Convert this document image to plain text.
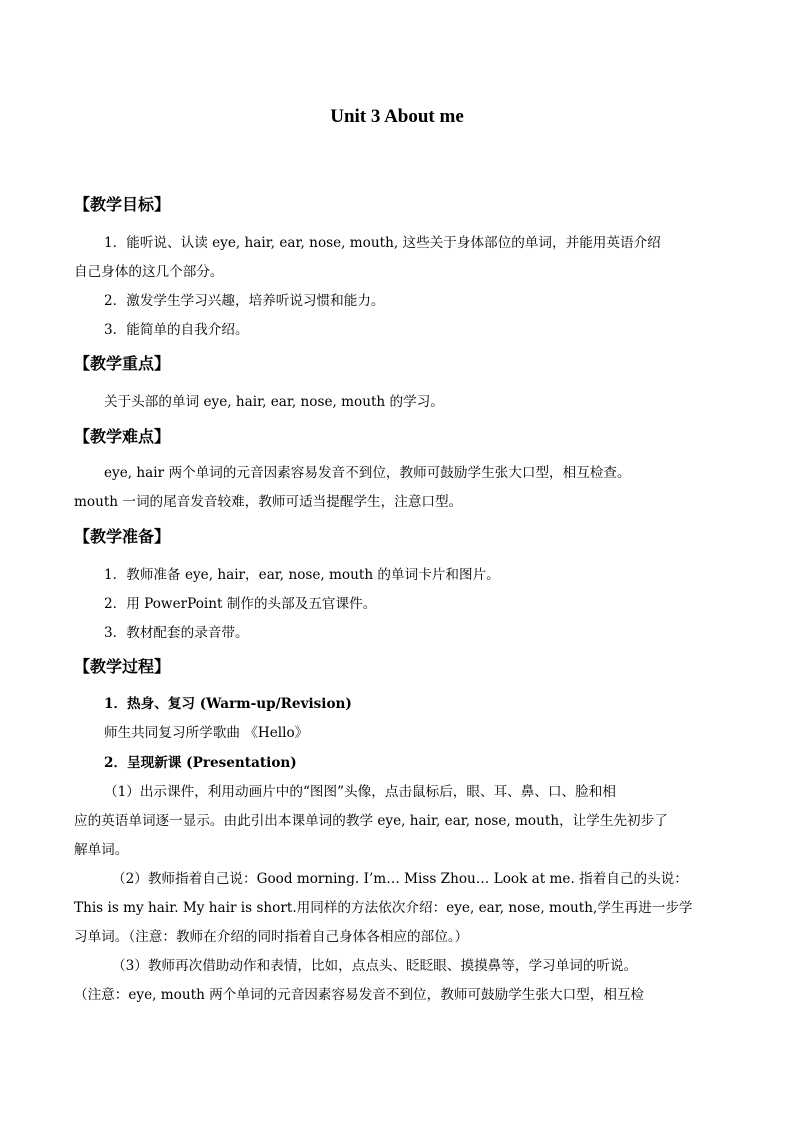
Unit 3 About me
【教学目标】
1．能听说、认读 eye, hair, ear, nose, mouth, 这些关于身体部位的单词，并能用英语介绍
自己身体的这几个部分。
2．激发学生学习兴趣，培养听说习惯和能力。
3．能简单的自我介绍。
【教学重点】
关于头部的单词 eye, hair, ear, nose, mouth 的学习。
【教学难点】
eye, hair 两个单词的元音因素容易发音不到位，教师可鼓励学生张大口型，相互检查。
mouth 一词的尾音发音较难，教师可适当提醒学生，注意口型。
【教学准备】
1．教师准备 eye, hair，ear, nose, mouth 的单词卡片和图片。
2．用 PowerPoint 制作的头部及五官课件。
3．教材配套的录音带。
【教学过程】
1．热身、复习 (Warm-up/Revision)
师生共同复习所学歌曲 《Hello》
2．呈现新课 (Presentation)
（1）出示课件，利用动画片中的“图图”头像，点击鼠标后，眼、耳、鼻、口、脸和相
应的英语单词逐一显示。由此引出本课单词的教学 eye, hair, ear, nose, mouth，让学生先初步了
解单词。
（2）教师指着自己说：Good morning. I’m… Miss Zhou… Look at me. 指着自己的头说：
This is my hair. My hair is short.用同样的方法依次介绍：eye, ear, nose, mouth,学生再进一步学
习单词。（注意：教师在介绍的同时指着自己身体各相应的部位。）
（3）教师再次借助动作和表情，比如，点点头、眨眨眼、摸摸鼻等，学习单词的听说。
（注意：eye, mouth 两个单词的元音因素容易发音不到位，教师可鼓励学生张大口型，相互检
